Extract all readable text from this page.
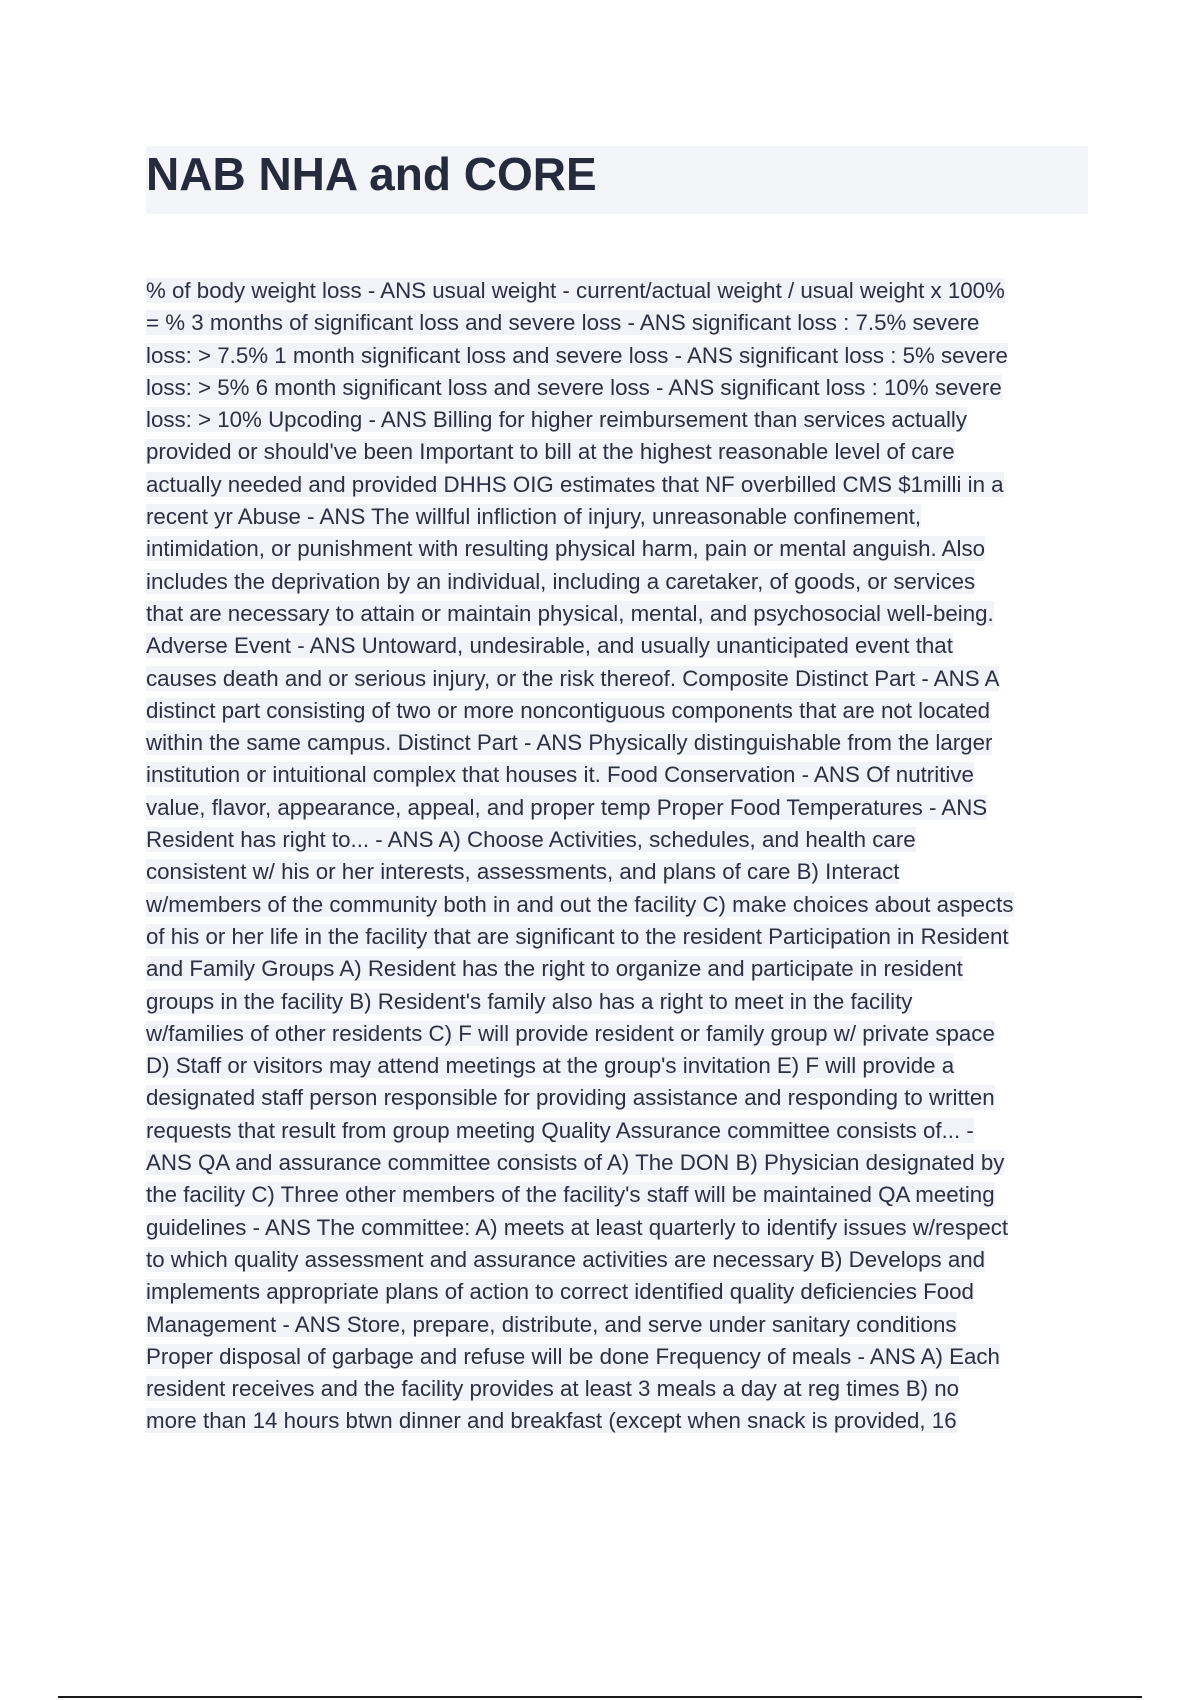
NAB NHA and CORE
% of body weight loss - ANS usual weight - current/actual weight / usual weight x 100%
= % 3 months of significant loss and severe loss - ANS significant loss : 7.5% severe
loss: > 7.5% 1 month significant loss and severe loss - ANS significant loss : 5% severe
loss: > 5% 6 month significant loss and severe loss - ANS significant loss : 10% severe
loss: > 10% Upcoding - ANS Billing for higher reimbursement than services actually
provided or should've been Important to bill at the highest reasonable level of care
actually needed and provided DHHS OIG estimates that NF overbilled CMS $1milli in a
recent yr Abuse - ANS The willful infliction of injury, unreasonable confinement,
intimidation, or punishment with resulting physical harm, pain or mental anguish. Also
includes the deprivation by an individual, including a caretaker, of goods, or services
that are necessary to attain or maintain physical, mental, and psychosocial well-being.
Adverse Event - ANS Untoward, undesirable, and usually unanticipated event that
causes death and or serious injury, or the risk thereof. Composite Distinct Part - ANS A
distinct part consisting of two or more noncontiguous components that are not located
within the same campus. Distinct Part - ANS Physically distinguishable from the larger
institution or intuitional complex that houses it. Food Conservation - ANS Of nutritive
value, flavor, appearance, appeal, and proper temp Proper Food Temperatures - ANS
Resident has right to... - ANS A) Choose Activities, schedules, and health care
consistent w/ his or her interests, assessments, and plans of care B) Interact
w/members of the community both in and out the facility C) make choices about aspects
of his or her life in the facility that are significant to the resident Participation in Resident
and Family Groups A) Resident has the right to organize and participate in resident
groups in the facility B) Resident's family also has a right to meet in the facility
w/families of other residents C) F will provide resident or family group w/ private space
D) Staff or visitors may attend meetings at the group's invitation E) F will provide a
designated staff person responsible for providing assistance and responding to written
requests that result from group meeting Quality Assurance committee consists of... -
ANS QA and assurance committee consists of A) The DON B) Physician designated by
the facility C) Three other members of the facility's staff will be maintained QA meeting
guidelines - ANS The committee: A) meets at least quarterly to identify issues w/respect
to which quality assessment and assurance activities are necessary B) Develops and
implements appropriate plans of action to correct identified quality deficiencies Food
Management - ANS Store, prepare, distribute, and serve under sanitary conditions
Proper disposal of garbage and refuse will be done Frequency of meals - ANS A) Each
resident receives and the facility provides at least 3 meals a day at reg times B) no
more than 14 hours btwn dinner and breakfast (except when snack is provided, 16
